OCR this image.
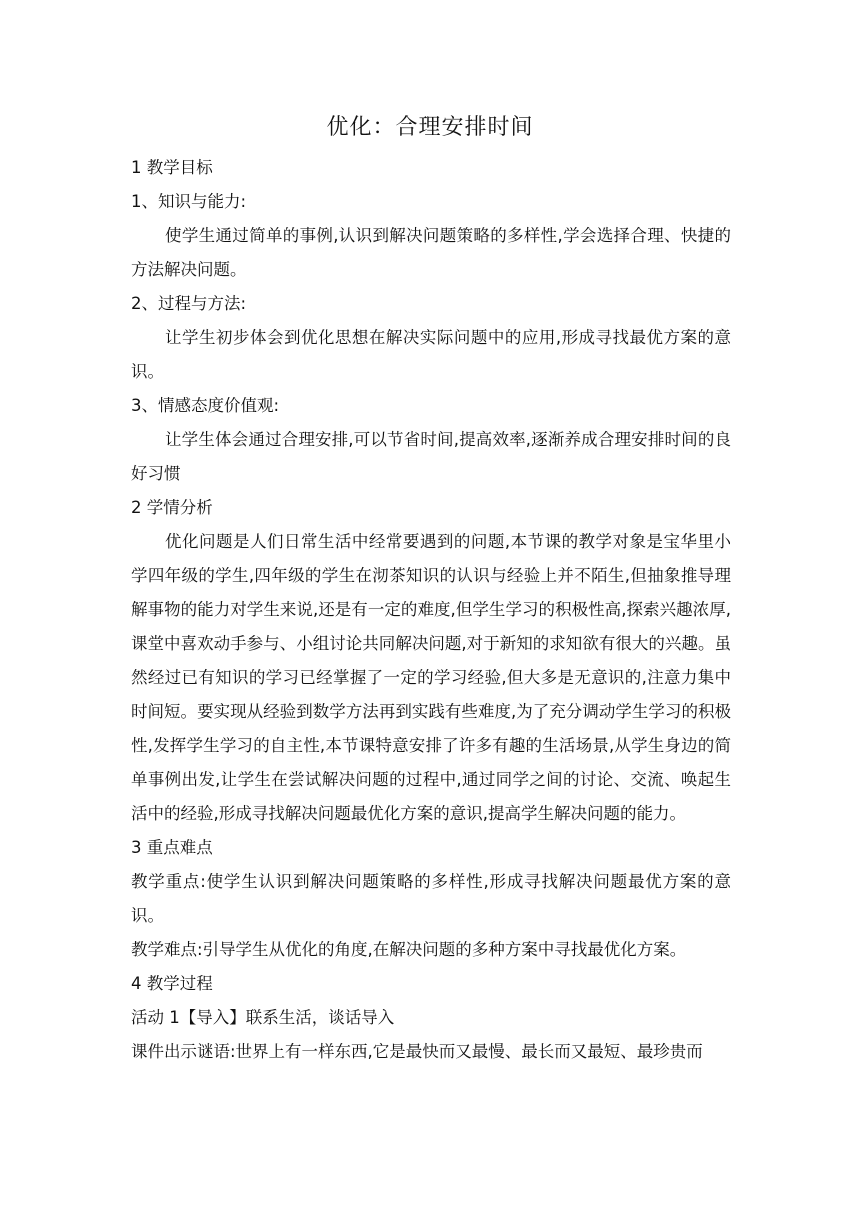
优化：合理安排时间

1 教学目标

1、知识与能力:

使学生通过简单的事例,认识到解决问题策略的多样性,学会选择合理、快捷的方法解决问题。

2、过程与方法:

让学生初步体会到优化思想在解决实际问题中的应用,形成寻找最优方案的意识。

3、情感态度价值观:

让学生体会通过合理安排,可以节省时间,提高效率,逐渐养成合理安排时间的良好习惯

2 学情分析

优化问题是人们日常生活中经常要遇到的问题,本节课的教学对象是宝华里小学四年级的学生,四年级的学生在沏茶知识的认识与经验上并不陌生,但抽象推导理解事物的能力对学生来说,还是有一定的难度,但学生学习的积极性高,探索兴趣浓厚,课堂中喜欢动手参与、小组讨论共同解决问题,对于新知的求知欲有很大的兴趣。虽然经过已有知识的学习已经掌握了一定的学习经验,但大多是无意识的,注意力集中时间短。要实现从经验到数学方法再到实践有些难度,为了充分调动学生学习的积极性,发挥学生学习的自主性,本节课特意安排了许多有趣的生活场景,从学生身边的简单事例出发,让学生在尝试解决问题的过程中,通过同学之间的讨论、交流、唤起生活中的经验,形成寻找解决问题最优化方案的意识,提高学生解决问题的能力。

3 重点难点

教学重点:使学生认识到解决问题策略的多样性,形成寻找解决问题最优方案的意识。

教学难点:引导学生从优化的角度,在解决问题的多种方案中寻找最优化方案。

4 教学过程

活动 1【导入】联系生活，谈话导入

课件出示谜语:世界上有一样东西,它是最快而又最慢、最长而又最短、最珍贵而
